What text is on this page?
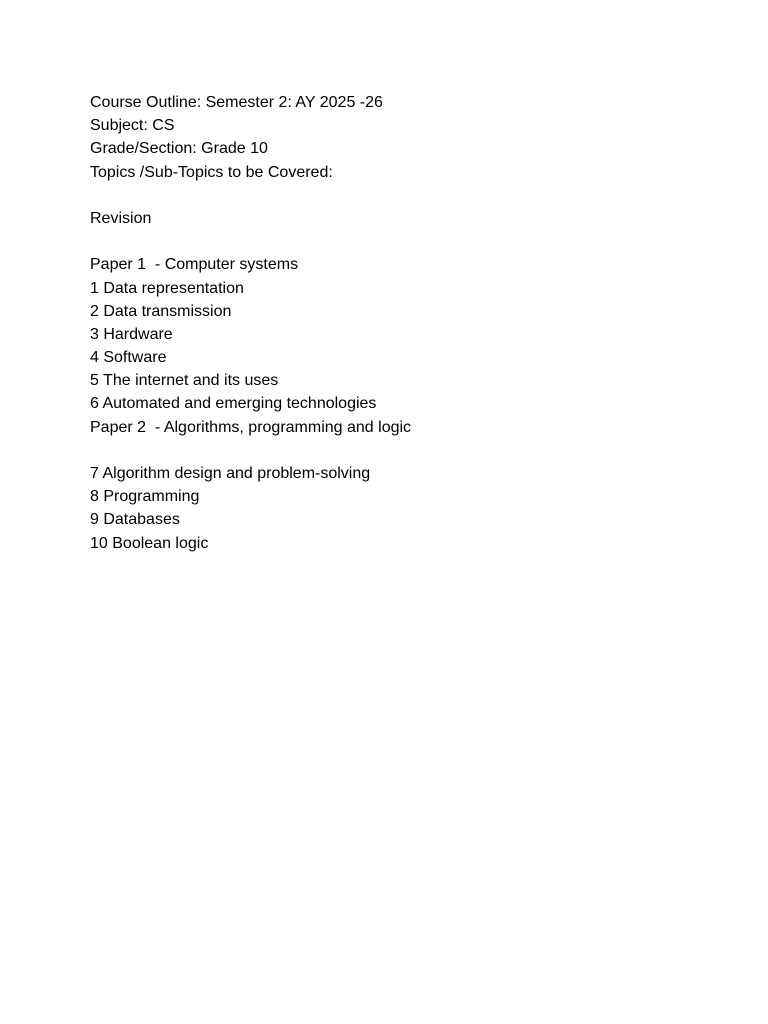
Course Outline: Semester 2: AY 2025 -26
Subject: CS
Grade/Section: Grade 10
Topics /Sub-Topics to be Covered:
Revision
Paper 1  - Computer systems
1 Data representation
2 Data transmission
3 Hardware
4 Software
5 The internet and its uses
6 Automated and emerging technologies
Paper 2  - Algorithms, programming and logic
7 Algorithm design and problem-solving
8 Programming
9 Databases
10 Boolean logic
